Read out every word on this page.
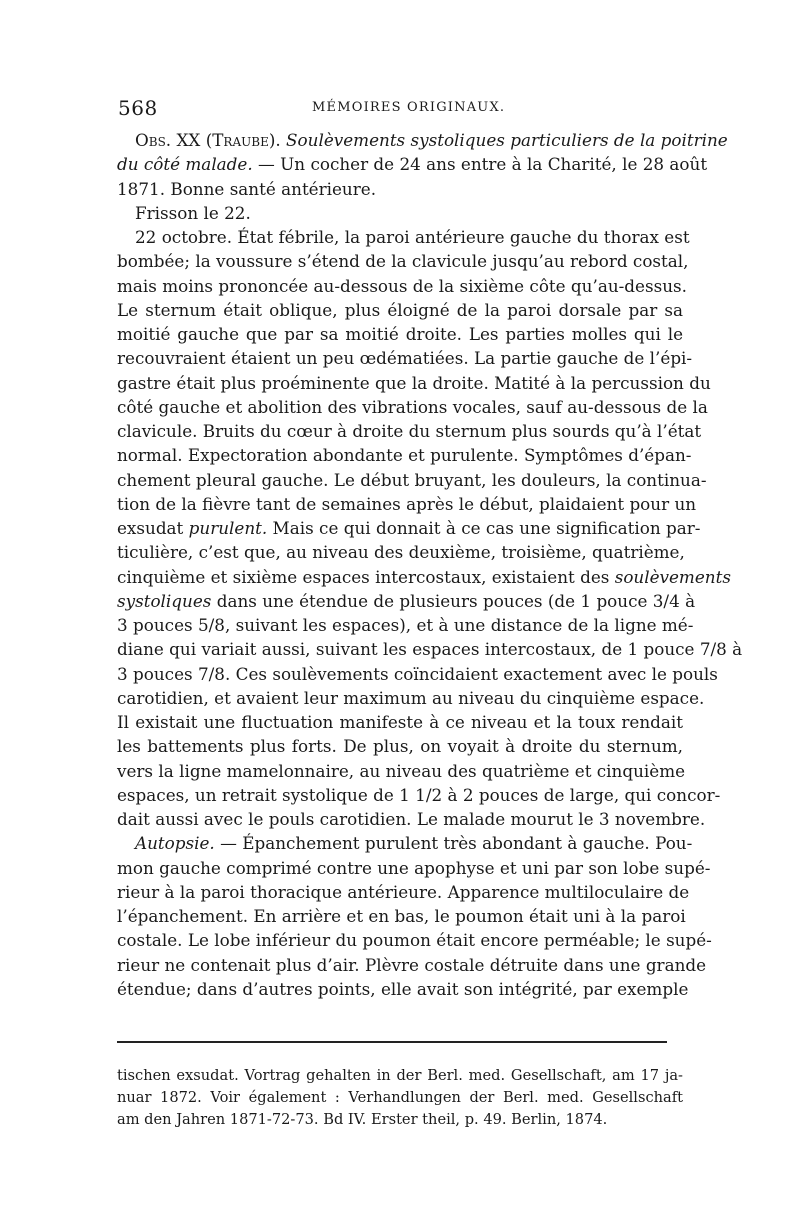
568	MÉMOIRES ORIGINAUX.
Obs. XX (Traube). Soulèvements systoliques particuliers de la poitrine
du côté malade. — Un cocher de 24 ans entre à la Charité, le 28 août
1871. Bonne santé antérieure.
Frisson le 22.
22 octobre. État fébrile, la paroi antérieure gauche du thorax est
bombée; la voussure s’étend de la clavicule jusqu’au rebord costal,
mais moins prononcée au-dessous de la sixième côte qu’au-dessus.
Le sternum était oblique, plus éloigné de la paroi dorsale par sa
moitié gauche que par sa moitié droite. Les parties molles qui le
recouvraient étaient un peu œdématiées. La partie gauche de l’épi-
gastre était plus proéminente que la droite. Matité à la percussion du
côté gauche et abolition des vibrations vocales, sauf au-dessous de la
clavicule. Bruits du cœur à droite du sternum plus sourds qu’à l’état
normal. Expectoration abondante et purulente. Symptômes d’épan-
chement pleural gauche. Le début bruyant, les douleurs, la continua-
tion de la fièvre tant de semaines après le début, plaidaient pour un
exsudat purulent. Mais ce qui donnait à ce cas une signification par-
ticulière, c’est que, au niveau des deuxième, troisième, quatrième,
cinquième et sixième espaces intercostaux, existaient des soulèvements
systoliques dans une étendue de plusieurs pouces (de 1 pouce 3/4 à
3 pouces 5/8, suivant les espaces), et à une distance de la ligne mé-
diane qui variait aussi, suivant les espaces intercostaux, de 1 pouce 7/8 à
3 pouces 7/8. Ces soulèvements coïncidaient exactement avec le pouls
carotidien, et avaient leur maximum au niveau du cinquième espace.
Il existait une fluctuation manifeste à ce niveau et la toux rendait
les battements plus forts. De plus, on voyait à droite du sternum,
vers la ligne mamelonnaire, au niveau des quatrième et cinquième
espaces, un retrait systolique de 1 1/2 à 2 pouces de large, qui concor-
dait aussi avec le pouls carotidien. Le malade mourut le 3 novembre.
Autopsie. — Épanchement purulent très abondant à gauche. Pou-
mon gauche comprimé contre une apophyse et uni par son lobe supé-
rieur à la paroi thoracique antérieure. Apparence multiloculaire de
l’épanchement. En arrière et en bas, le poumon était uni à la paroi
costale. Le lobe inférieur du poumon était encore perméable; le supé-
rieur ne contenait plus d’air. Plèvre costale détruite dans une grande
étendue; dans d’autres points, elle avait son intégrité, par exemple
tischen exsudat. Vortrag gehalten in der Berl. med. Gesellschaft, am 17 ja-
nuar 1872. Voir également : Verhandlungen der Berl. med. Gesellschaft
am den Jahren 1871-72-73. Bd IV. Erster theil, p. 49. Berlin, 1874.
